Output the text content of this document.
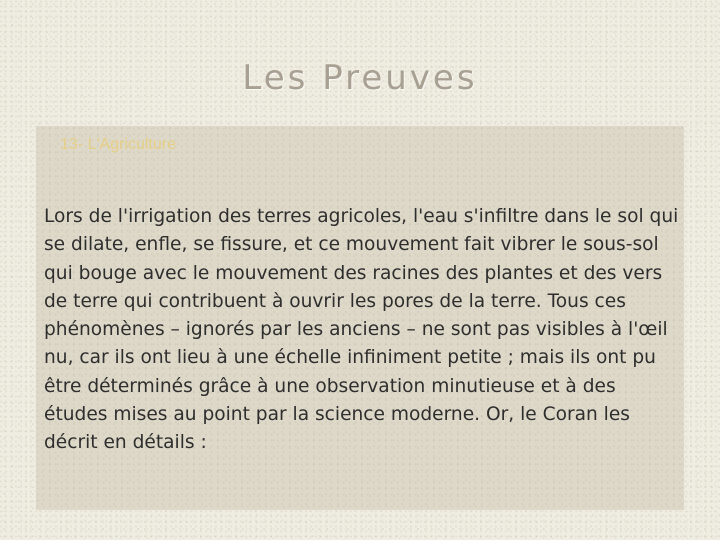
Les Preuves
13- L'Agriculture

Lors de l'irrigation des terres agricoles, l'eau s'infiltre dans le sol qui se dilate, enfle, se fissure, et ce mouvement fait vibrer le sous-sol qui bouge avec le mouvement des racines des plantes et des vers de terre qui contribuent à ouvrir les pores de la terre. Tous ces phénomènes – ignorés par les anciens – ne sont pas visibles à l'œil nu, car ils ont lieu à une échelle infiniment petite ; mais ils ont pu être déterminés grâce à une observation minutieuse et à des études mises au point par la science moderne. Or, le Coran les décrit en détails :
